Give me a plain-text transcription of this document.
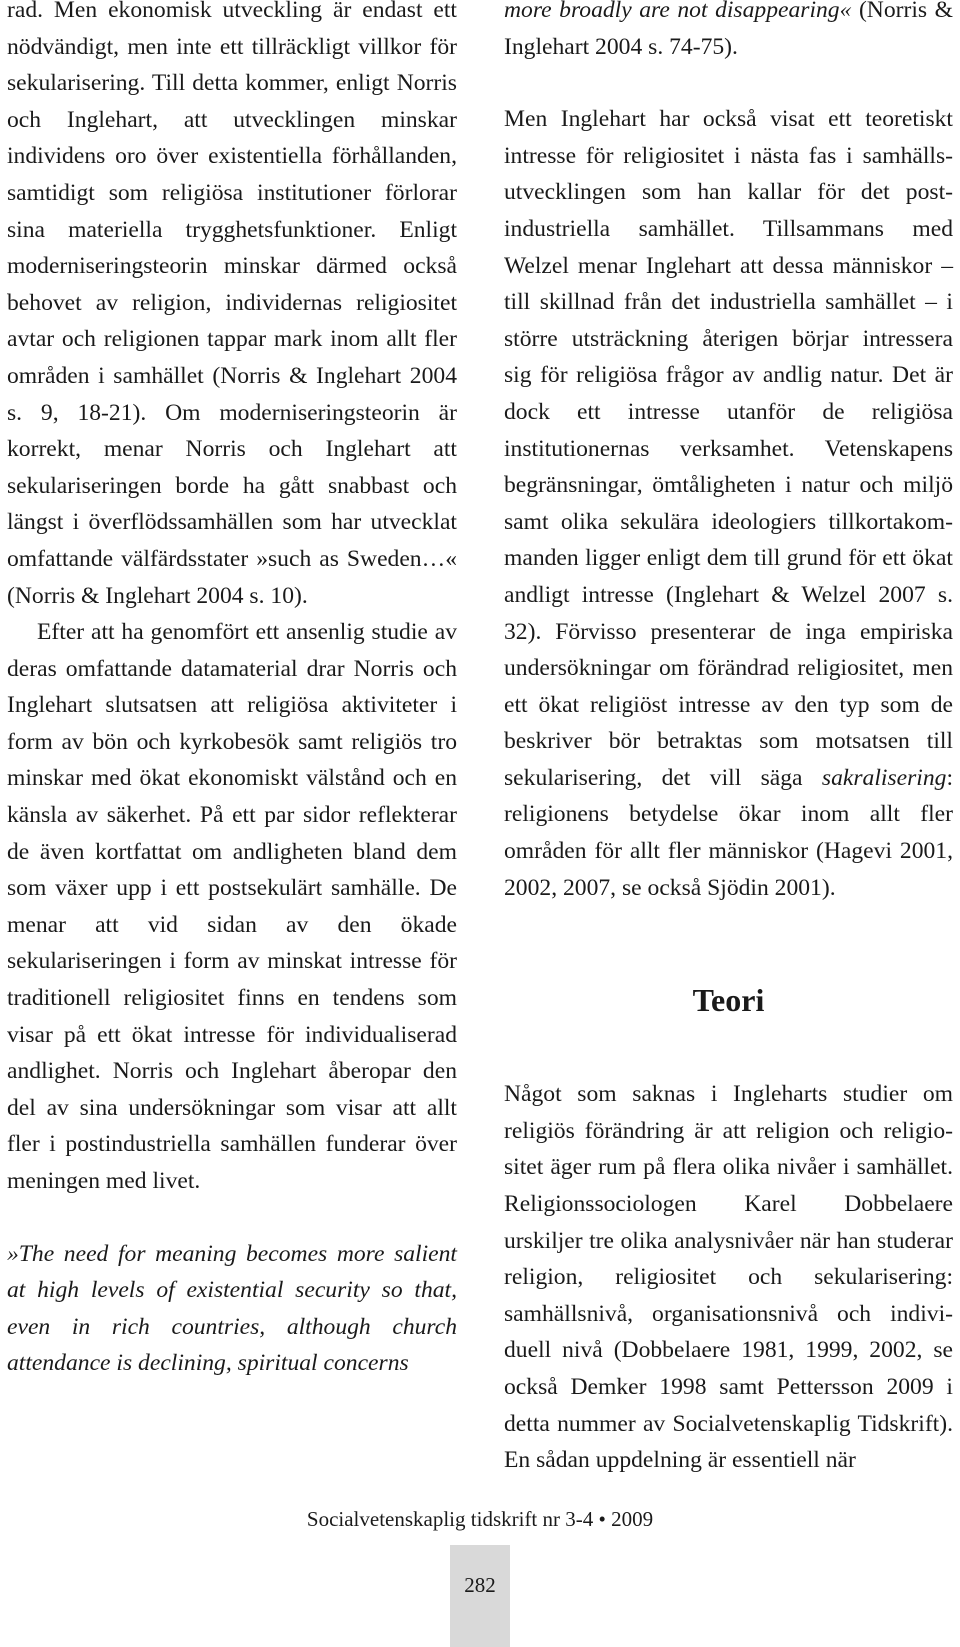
rad. Men ekonomisk utveckling är endast ett nödvändigt, men inte ett tillräckligt villkor för sekularisering. Till detta kommer, enligt Norris och Inglehart, att utvecklingen minskar individens oro över existentiella förhållanden, samtidigt som religiösa institutioner förlorar sina materiella trygghetsfunktioner. Enligt moderniseringsteorin minskar därmed också behovet av religion, individernas religiositet avtar och religionen tappar mark inom allt fler områden i samhället (Norris & Inglehart 2004 s. 9, 18-21). Om moderniseringsteorin är korrekt, menar Norris och Inglehart att sekulariseringen borde ha gått snabbast och längst i överflödssamhällen som har utvecklat omfattande välfärdsstater »such as Sweden…« (Norris & Inglehart 2004 s. 10).

Efter att ha genomfört ett ansenlig studie av deras omfattande datamaterial drar Norris och Inglehart slutsatsen att religiösa aktiviteter i form av bön och kyrkobesök samt religiös tro minskar med ökat ekonomiskt välstånd och en känsla av säkerhet. På ett par sidor reflekterar de även kortfattat om andligheten bland dem som växer upp i ett postsekulärt samhälle. De menar att vid sidan av den ökade sekulariseringen i form av minskat intresse för traditionell religiositet finns en tendens som visar på ett ökat intresse för individualiserad andlighet. Norris och Inglehart åberopar den del av sina undersökningar som visar att allt fler i postindustriella samhällen funderar över meningen med livet.

»The need for meaning becomes more salient at high levels of existential security so that, even in rich countries, although church attendance is declining, spiritual concerns

more broadly are not disappearing« (Norris & Inglehart 2004 s. 74-75).

Men Inglehart har också visat ett teoretiskt intresse för religiositet i nästa fas i samhällsutvecklingen som han kallar för det postindustriella samhället. Tillsammans med Welzel menar Inglehart att dessa människor – till skillnad från det industriella samhället – i större utsträckning återigen börjar intressera sig för religiösa frågor av andlig natur. Det är dock ett intresse utanför de religiösa institutionernas verksamhet. Vetenskapens begränsningar, ömtåligheten i natur och miljö samt olika sekulära ideologiers tillkortakommanden ligger enligt dem till grund för ett ökat andligt intresse (Inglehart & Welzel 2007 s. 32). Förvisso presenterar de inga empiriska undersökningar om förändrad religiositet, men ett ökat religiöst intresse av den typ som de beskriver bör betraktas som motsatsen till sekularisering, det vill säga sakralisering: religionens betydelse ökar inom allt fler områden för allt fler människor (Hagevi 2001, 2002, 2007, se också Sjödin 2001).

Teori

Något som saknas i Ingleharts studier om religiös förändring är att religion och religiositet äger rum på flera olika nivåer i samhället. Religionssociologen Karel Dobbelaere urskiljer tre olika analysnivåer när han studerar religion, religiositet och sekularisering: samhällsnivå, organisationsnivå och individuell nivå (Dobbelaere 1981, 1999, 2002, se också Demker 1998 samt Pettersson 2009 i detta nummer av Socialvetenskaplig Tidskrift). En sådan uppdelning är essentiell när

Socialvetenskaplig tidskrift nr 3-4 • 2009
282
